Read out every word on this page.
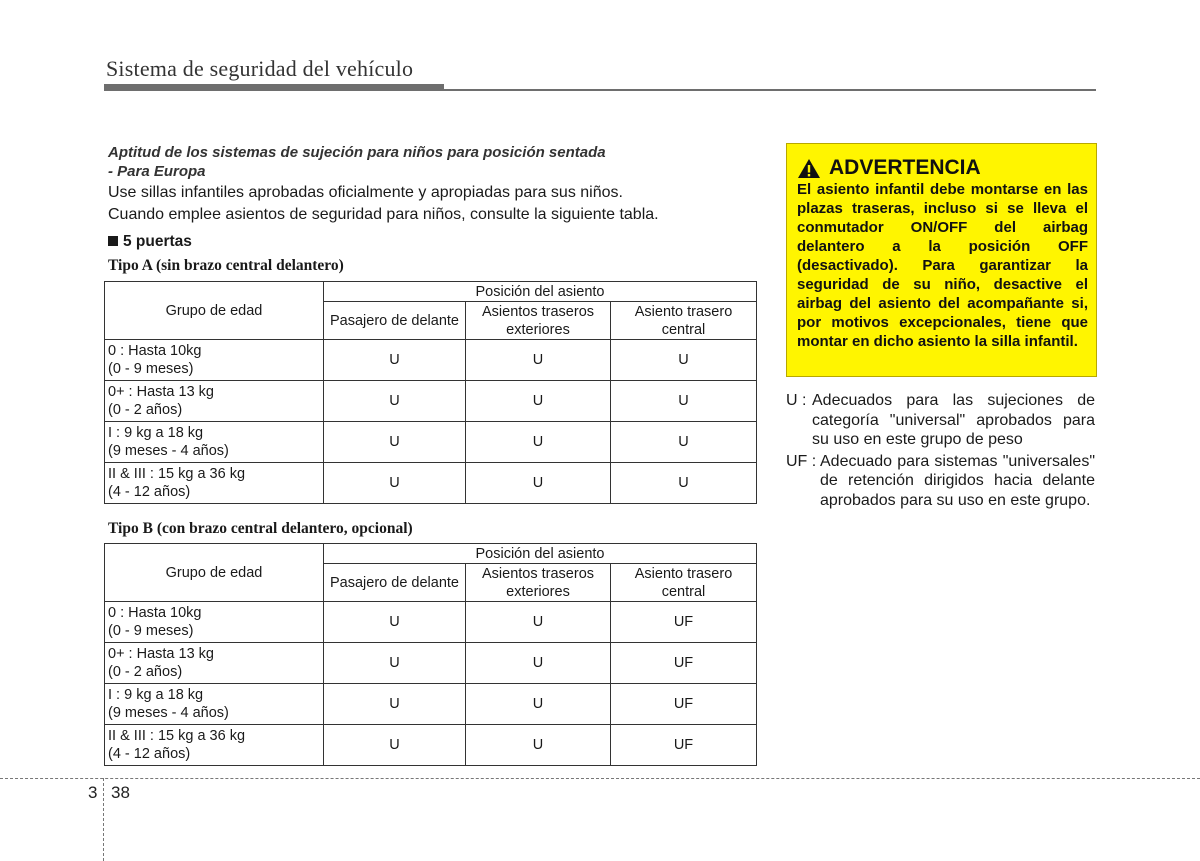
Sistema de seguridad del vehículo
Aptitud de los sistemas de sujeción para niños para posición sentada
- Para Europa
Use sillas infantiles aprobadas oficialmente y apropiadas para sus niños.
Cuando emplee asientos de seguridad para niños, consulte la siguiente tabla.
5 puertas
Tipo A (sin brazo central delantero)
Grupo de edad	Posición del asiento		
	Pasajero de delante	Asientos traseros exteriores	Asiento trasero central

0 : Hasta 10kg
(0 - 9 meses)	U	U	U

0+ : Hasta 13 kg
(0 - 2 años)	U	U	U

I : 9 kg a 18 kg
(9 meses - 4 años)	U	U	U

II & III : 15 kg a 36 kg
(4 - 12 años)	U	U	U
Tipo B (con brazo central delantero, opcional)
Grupo de edad	Posición del asiento		
	Pasajero de delante	Asientos traseros exteriores	Asiento trasero central

0 : Hasta 10kg
(0 - 9 meses)	U	U	UF

0+ : Hasta 13 kg
(0 - 2 años)	U	U	UF

I : 9 kg a 18 kg
(9 meses - 4 años)	U	U	UF

II & III : 15 kg a 36 kg
(4 - 12 años)	U	U	UF
ADVERTENCIA
El asiento infantil debe montarse en las plazas traseras, incluso si se lleva el conmutador ON/OFF del airbag delantero a la posición OFF (desactivado). Para garantizar la seguridad de su niño, desactive el airbag del asiento del acompañante si, por motivos excepcionales, tiene que montar en dicho asiento la silla infantil.
U : Adecuados para las sujeciones de categoría "universal" aprobados para su uso en este grupo de peso
UF : Adecuado para sistemas "universales" de retención dirigidos hacia delante aprobados para su uso en este grupo.
3 38
